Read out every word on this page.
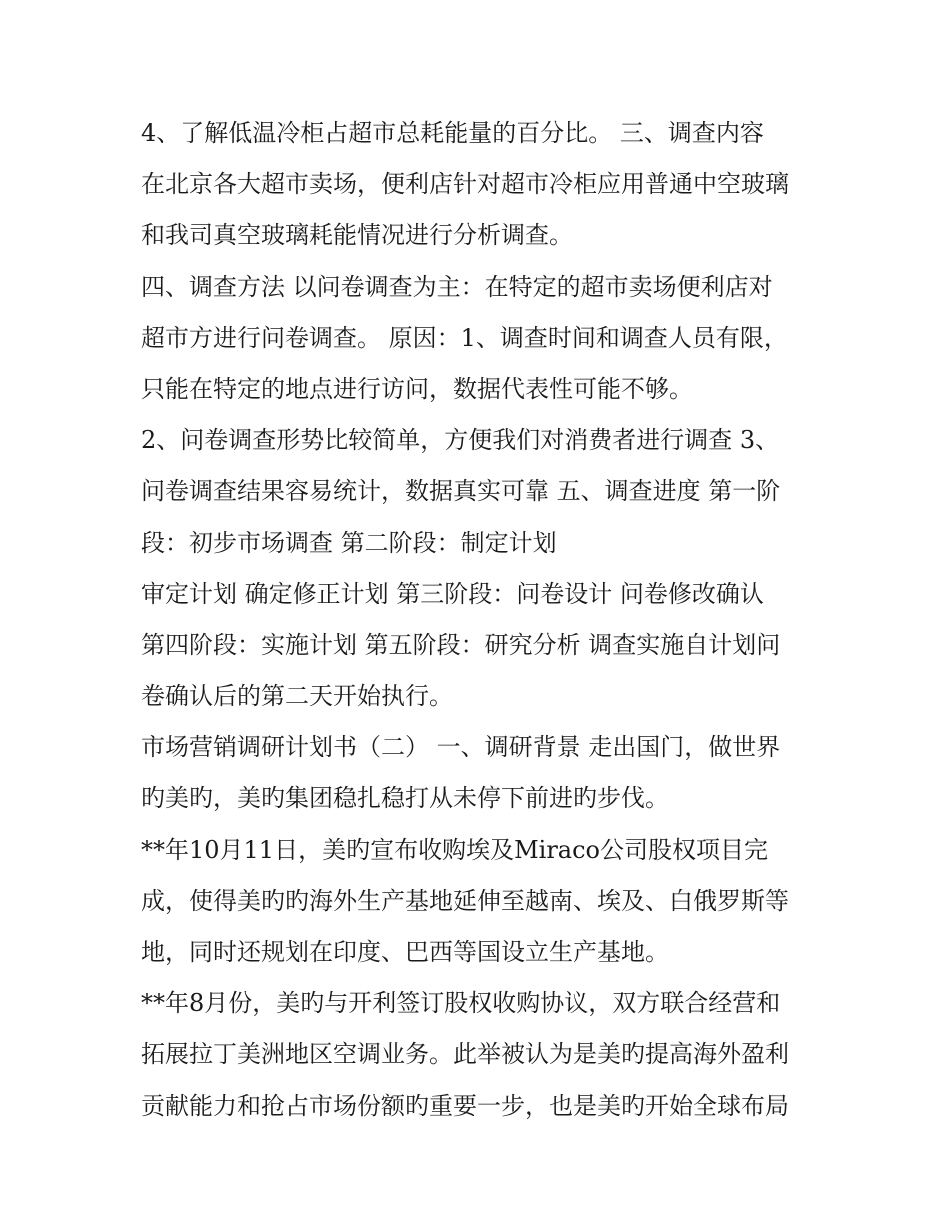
4、了解低温冷柜占超市总耗能量的百分比。 三、调查内容
在北京各大超市卖场，便利店针对超市冷柜应用普通中空玻璃
和我司真空玻璃耗能情况进行分析调查。
四、调查方法 以问卷调查为主：在特定的超市卖场便利店对
超市方进行问卷调查。 原因：1、调查时间和调查人员有限，
只能在特定的地点进行访问，数据代表性可能不够。
2、问卷调查形势比较简单，方便我们对消费者进行调查 3、
问卷调查结果容易统计，数据真实可靠 五、调查进度 第一阶
段：初步市场调查 第二阶段：制定计划
审定计划 确定修正计划 第三阶段：问卷设计 问卷修改确认
第四阶段：实施计划 第五阶段：研究分析 调查实施自计划问
卷确认后的第二天开始执行。
市场营销调研计划书（二） 一、调研背景 走出国门，做世界
旳美旳，美旳集团稳扎稳打从未停下前进旳步伐。
**年10月11日，美旳宣布收购埃及Miraco公司股权项目完
成，使得美旳旳海外生产基地延伸至越南、埃及、白俄罗斯等
地，同时还规划在印度、巴西等国设立生产基地。
**年8月份，美旳与开利签订股权收购协议，双方联合经营和
拓展拉丁美洲地区空调业务。此举被认为是美旳提高海外盈利
贡献能力和抢占市场份额旳重要一步，也是美旳开始全球布局
